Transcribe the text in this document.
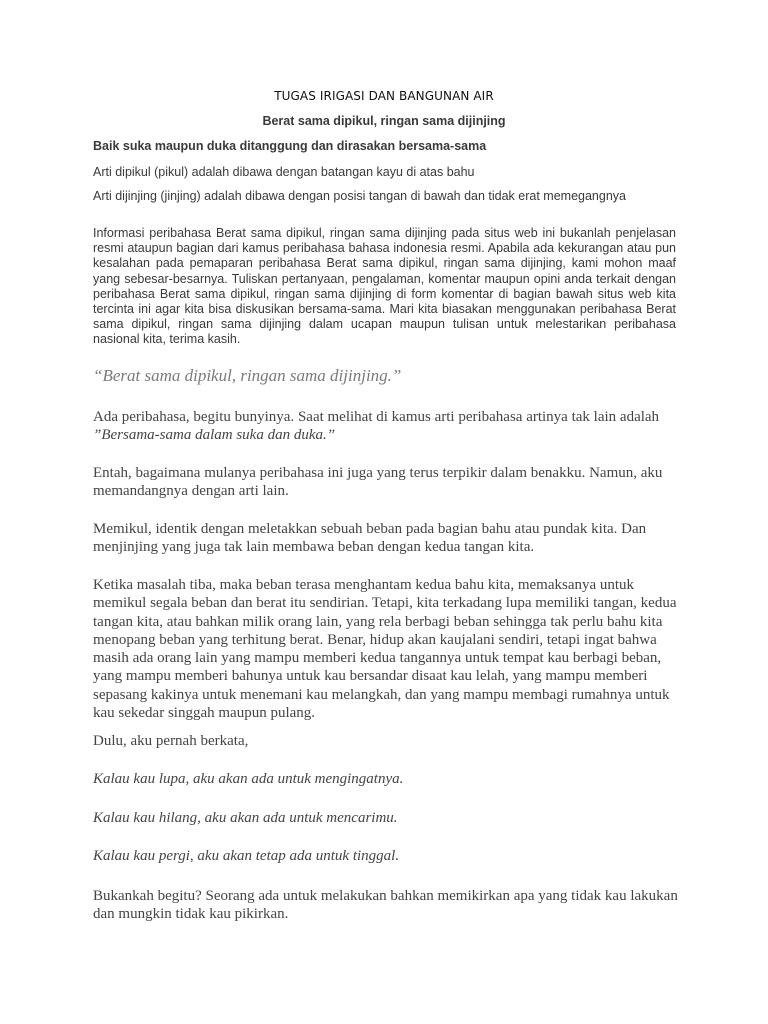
TUGAS IRIGASI DAN BANGUNAN AIR
Berat sama dipikul, ringan sama dijinjing
Baik suka maupun duka ditanggung dan dirasakan bersama-sama
Arti dipikul (pikul) adalah dibawa dengan batangan kayu di atas bahu
Arti dijinjing (jinjing) adalah dibawa dengan posisi tangan di bawah dan tidak erat memegangnya
Informasi peribahasa Berat sama dipikul, ringan sama dijinjing pada situs web ini bukanlah penjelasan resmi ataupun bagian dari kamus peribahasa bahasa indonesia resmi. Apabila ada kekurangan atau pun kesalahan pada pemaparan peribahasa Berat sama dipikul, ringan sama dijinjing, kami mohon maaf yang sebesar-besarnya. Tuliskan pertanyaan, pengalaman, komentar maupun opini anda terkait dengan peribahasa Berat sama dipikul, ringan sama dijinjing di form komentar di bagian bawah situs web kita tercinta ini agar kita bisa diskusikan bersama-sama. Mari kita biasakan menggunakan peribahasa Berat sama dipikul, ringan sama dijinjing dalam ucapan maupun tulisan untuk melestarikan peribahasa nasional kita, terima kasih.
“Berat sama dipikul, ringan sama dijinjing.”
Ada peribahasa, begitu bunyinya. Saat melihat di kamus arti peribahasa artinya tak lain adalah ”Bersama-sama dalam suka dan duka.”
Entah, bagaimana mulanya peribahasa ini juga yang terus terpikir dalam benakku. Namun, aku memandangnya dengan arti lain.
Memikul, identik dengan meletakkan sebuah beban pada bagian bahu atau pundak kita. Dan menjinjing yang juga tak lain membawa beban dengan kedua tangan kita.
Ketika masalah tiba, maka beban terasa menghantam kedua bahu kita, memaksanya untuk memikul segala beban dan berat itu sendirian. Tetapi, kita terkadang lupa memiliki tangan, kedua tangan kita, atau bahkan milik orang lain, yang rela berbagi beban sehingga tak perlu bahu kita menopang beban yang terhitung berat. Benar, hidup akan kaujalani sendiri, tetapi ingat bahwa masih ada orang lain yang mampu memberi kedua tangannya untuk tempat kau berbagi beban, yang mampu memberi bahunya untuk kau bersandar disaat kau lelah, yang mampu memberi sepasang kakinya untuk menemani kau melangkah, dan yang mampu membagi rumahnya untuk kau sekedar singgah maupun pulang.
Dulu, aku pernah berkata,
Kalau kau lupa, aku akan ada untuk mengingatnya.
Kalau kau hilang, aku akan ada untuk mencarimu.
Kalau kau pergi, aku akan tetap ada untuk tinggal.
Bukankah begitu? Seorang ada untuk melakukan bahkan memikirkan apa yang tidak kau lakukan dan mungkin tidak kau pikirkan.
